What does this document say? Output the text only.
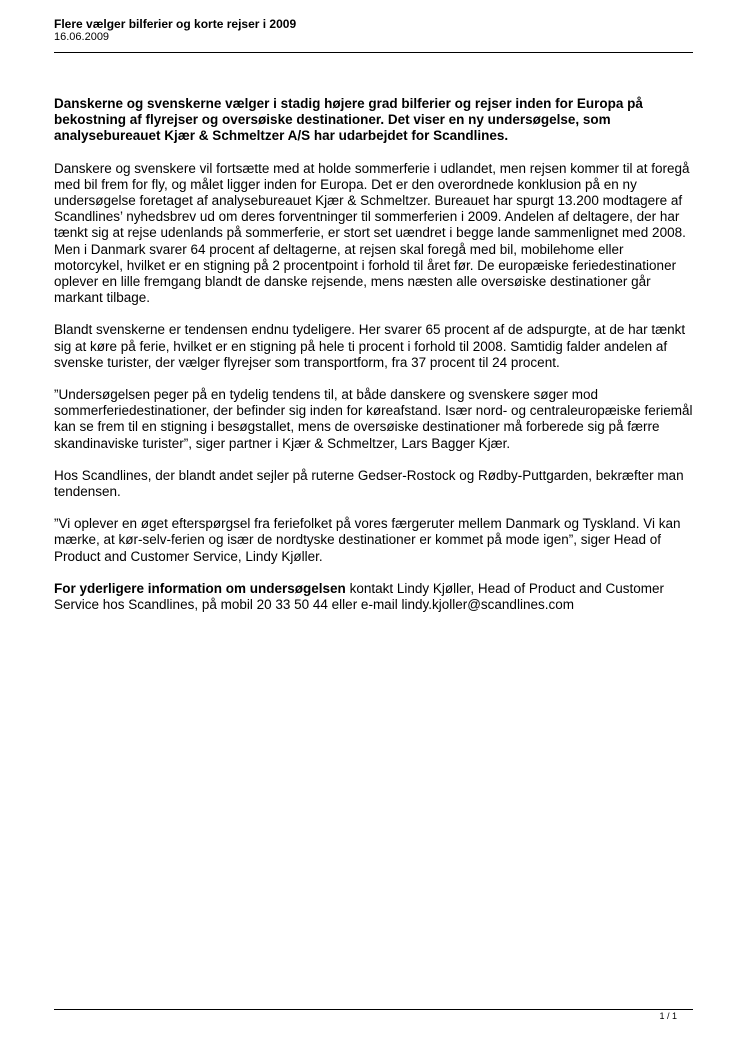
Flere vælger bilferier og korte rejser i 2009

16.06.2009

Danskerne og svenskerne vælger i stadig højere grad bilferier og rejser inden for Europa på bekostning af flyrejser og oversøiske destinationer. Det viser en ny undersøgelse, som analysebureauet Kjær & Schmeltzer A/S har udarbejdet for Scandlines.

Danskere og svenskere vil fortsætte med at holde sommerferie i udlandet, men rejsen kommer til at foregå med bil frem for fly, og målet ligger inden for Europa. Det er den overordnede konklusion på en ny undersøgelse foretaget af analysebureauet Kjær & Schmeltzer. Bureauet har spurgt 13.200 modtagere af Scandlines’ nyhedsbrev ud om deres forventninger til sommerferien i 2009. Andelen af deltagere, der har tænkt sig at rejse udenlands på sommerferie, er stort set uændret i begge lande sammenlignet med 2008. Men i Danmark svarer 64 procent af deltagerne, at rejsen skal foregå med bil, mobilehome eller motorcykel, hvilket er en stigning på 2 procentpoint i forhold til året før. De europæiske feriedestinationer oplever en lille fremgang blandt de danske rejsende, mens næsten alle oversøiske destinationer går markant tilbage.

Blandt svenskerne er tendensen endnu tydeligere. Her svarer 65 procent af de adspurgte, at de har tænkt sig at køre på ferie, hvilket er en stigning på hele ti procent i forhold til 2008. Samtidig falder andelen af svenske turister, der vælger flyrejser som transportform, fra 37 procent til 24 procent.

”Undersøgelsen peger på en tydelig tendens til, at både danskere og svenskere søger mod sommerferiedestinationer, der befinder sig inden for køreafstand. Især nord- og centraleuropæiske feriemål kan se frem til en stigning i besøgstallet, mens de oversøiske destinationer må forberede sig på færre skandinaviske turister”, siger partner i Kjær & Schmeltzer, Lars Bagger Kjær.

Hos Scandlines, der blandt andet sejler på ruterne Gedser-Rostock og Rødby-Puttgarden, bekræfter man tendensen.

”Vi oplever en øget efterspørgsel fra feriefolket på vores færgeruter mellem Danmark og Tyskland. Vi kan mærke, at kør-selv-ferien og især de nordtyske destinationer er kommet på mode igen”, siger Head of Product and Customer Service, Lindy Kjøller.

For yderligere information om undersøgelsen kontakt Lindy Kjøller, Head of Product and Customer Service hos Scandlines, på mobil 20 33 50 44 eller e-mail lindy.kjoller@scandlines.com

1 / 1
